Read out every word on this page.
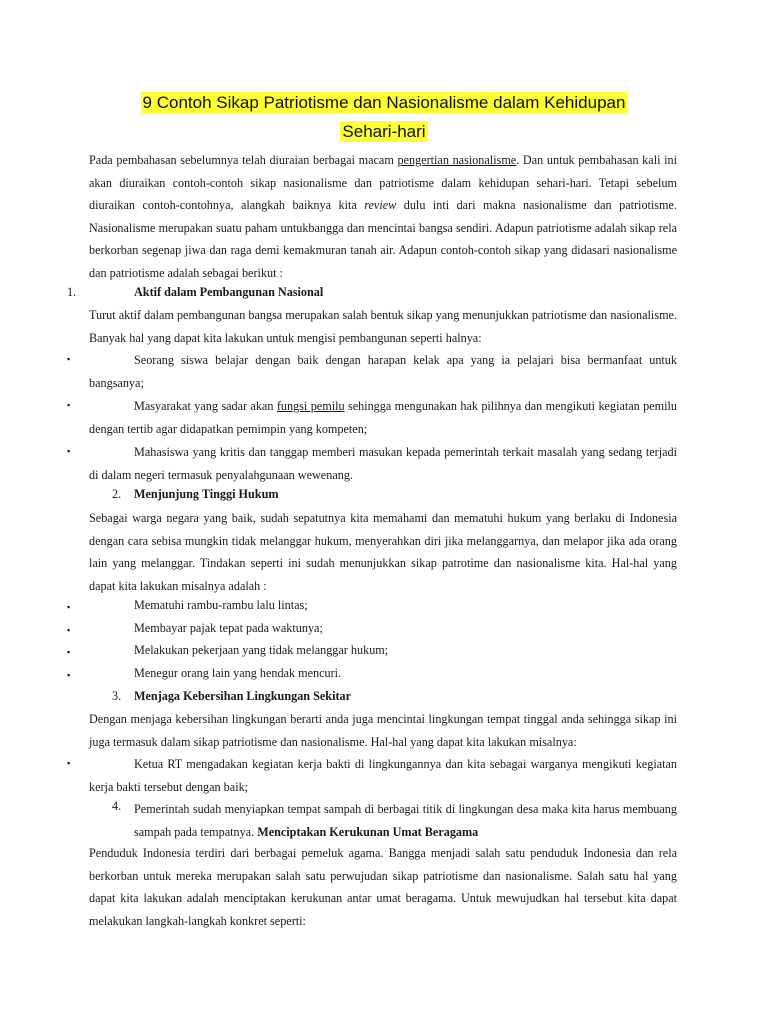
9 Contoh Sikap Patriotisme dan Nasionalisme dalam Kehidupan
Sehari-hari
Pada pembahasan sebelumnya telah diuraian berbagai macam pengertian nasionalisme. Dan untuk pembahasan kali ini akan diuraikan contoh-contoh sikap nasionalisme dan patriotisme dalam kehidupan sehari-hari. Tetapi sebelum diuraikan contoh-contohnya, alangkah baiknya kita review dulu inti dari makna nasionalisme dan patriotisme. Nasionalisme merupakan suatu paham untukbangga dan mencintai bangsa sendiri. Adapun patriotisme adalah sikap rela berkorban segenap jiwa dan raga demi kemakmuran tanah air. Adapun contoh-contoh sikap yang didasari nasionalisme dan patriotisme adalah sebagai berikut :
1.	Aktif dalam Pembangunan Nasional
Turut aktif dalam pembangunan bangsa merupakan salah bentuk sikap yang menunjukkan patriotisme dan nasionalisme. Banyak hal yang dapat kita lakukan untuk mengisi pembangunan seperti halnya:
▪	Seorang siswa belajar dengan baik dengan harapan kelak apa yang ia pelajari bisa bermanfaat untuk bangsanya;
▪	Masyarakat yang sadar akan fungsi pemilu sehingga mengunakan hak pilihnya dan mengikuti kegiatan pemilu dengan tertib agar didapatkan pemimpin yang kompeten;
▪	Mahasiswa yang kritis dan tanggap memberi masukan kepada pemerintah terkait masalah yang sedang terjadi di dalam negeri termasuk penyalahgunaan wewenang.
2. Menjunjung Tinggi Hukum
Sebagai warga negara yang baik, sudah sepatutnya kita memahami dan mematuhi hukum yang berlaku di Indonesia dengan cara sebisa mungkin tidak melanggar hukum, menyerahkan diri jika melanggarnya, dan melapor jika ada orang lain yang melanggar. Tindakan seperti ini sudah menunjukkan sikap patrotime dan nasionalisme kita. Hal-hal yang dapat kita lakukan misalnya adalah :
▪	Mematuhi rambu-rambu lalu lintas;
▪	Membayar pajak tepat pada waktunya;
▪	Melakukan pekerjaan yang tidak melanggar hukum;
▪	Menegur orang lain yang hendak mencuri.
3. Menjaga Kebersihan Lingkungan Sekitar
Dengan menjaga kebersihan lingkungan berarti anda juga mencintai lingkungan tempat tinggal anda sehingga sikap ini juga termasuk dalam sikap patriotisme dan nasionalisme. Hal-hal yang dapat kita lakukan misalnya:
▪	Ketua RT mengadakan kegiatan kerja bakti di lingkungannya dan kita sebagai warganya mengikuti kegiatan kerja bakti tersebut dengan baik;
4. Pemerintah sudah menyiapkan tempat sampah di berbagai titik di lingkungan desa maka kita harus membuang sampah pada tempatnya. Menciptakan Kerukunan Umat Beragama
Penduduk Indonesia terdiri dari berbagai pemeluk agama. Bangga menjadi salah satu penduduk Indonesia dan rela berkorban untuk mereka merupakan salah satu perwujudan sikap patriotisme dan nasionalisme. Salah satu hal yang dapat kita lakukan adalah menciptakan kerukunan antar umat beragama. Untuk mewujudkan hal tersebut kita dapat melakukan langkah-langkah konkret seperti:
